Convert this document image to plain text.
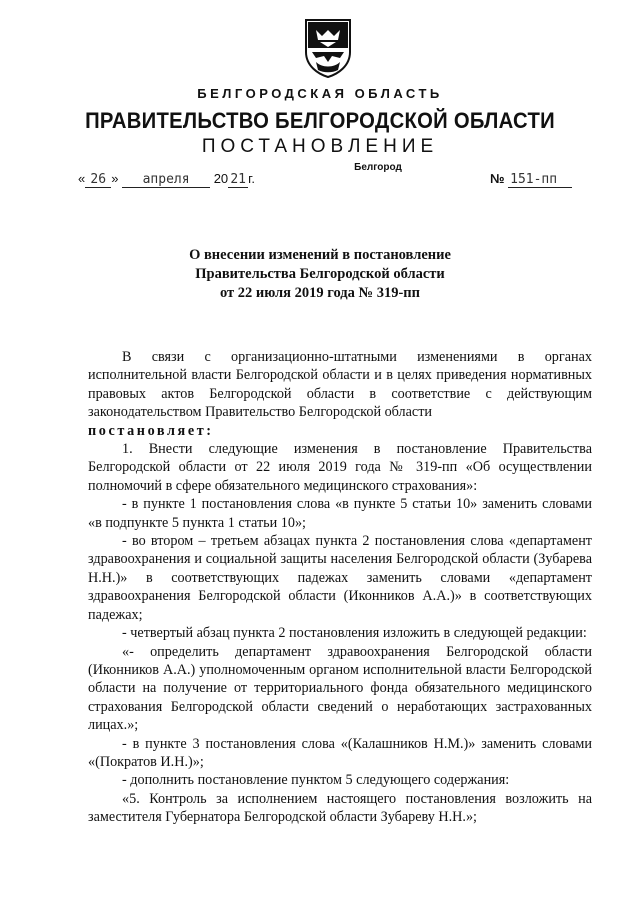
БЕЛГОРОДСКАЯ ОБЛАСТЬ
ПРАВИТЕЛЬСТВО БЕЛГОРОДСКОЙ ОБЛАСТИ
ПОСТАНОВЛЕНИЕ
Белгород
« 26 » апреля 20 21 г.	№ 151-пп
О внесении изменений в постановление
Правительства Белгородской области
от 22 июля 2019 года № 319-пп

В связи с организационно-штатными изменениями в органах исполнительной власти Белгородской области и в целях приведения нормативных правовых актов Белгородской области в соответствие с действующим законодательством Правительство Белгородской области

постановляет:

1. Внести следующие изменения в постановление Правительства Белгородской области от 22 июля 2019 года № 319-пп «Об осуществлении полномочий в сфере обязательного медицинского страхования»:

- в пункте 1 постановления слова «в пункте 5 статьи 10» заменить словами «в подпункте 5 пункта 1 статьи 10»;

- во втором – третьем абзацах пункта 2 постановления слова «департамент здравоохранения и социальной защиты населения Белгородской области (Зубарева Н.Н.)» в соответствующих падежах заменить словами «департамент здравоохранения Белгородской области (Иконников А.А.)» в соответствующих падежах;

- четвертый абзац пункта 2 постановления изложить в следующей редакции:

«- определить департамент здравоохранения Белгородской области (Иконников А.А.) уполномоченным органом исполнительной власти Белгородской области на получение от территориального фонда обязательного медицинского страхования Белгородской области сведений о неработающих застрахованных лицах.»;

- в пункте 3 постановления слова «(Калашников Н.М.)» заменить словами «(Пократов И.Н.)»;

- дополнить постановление пунктом 5 следующего содержания:

«5. Контроль за исполнением настоящего постановления возложить на заместителя Губернатора Белгородской области Зубареву Н.Н.»;
